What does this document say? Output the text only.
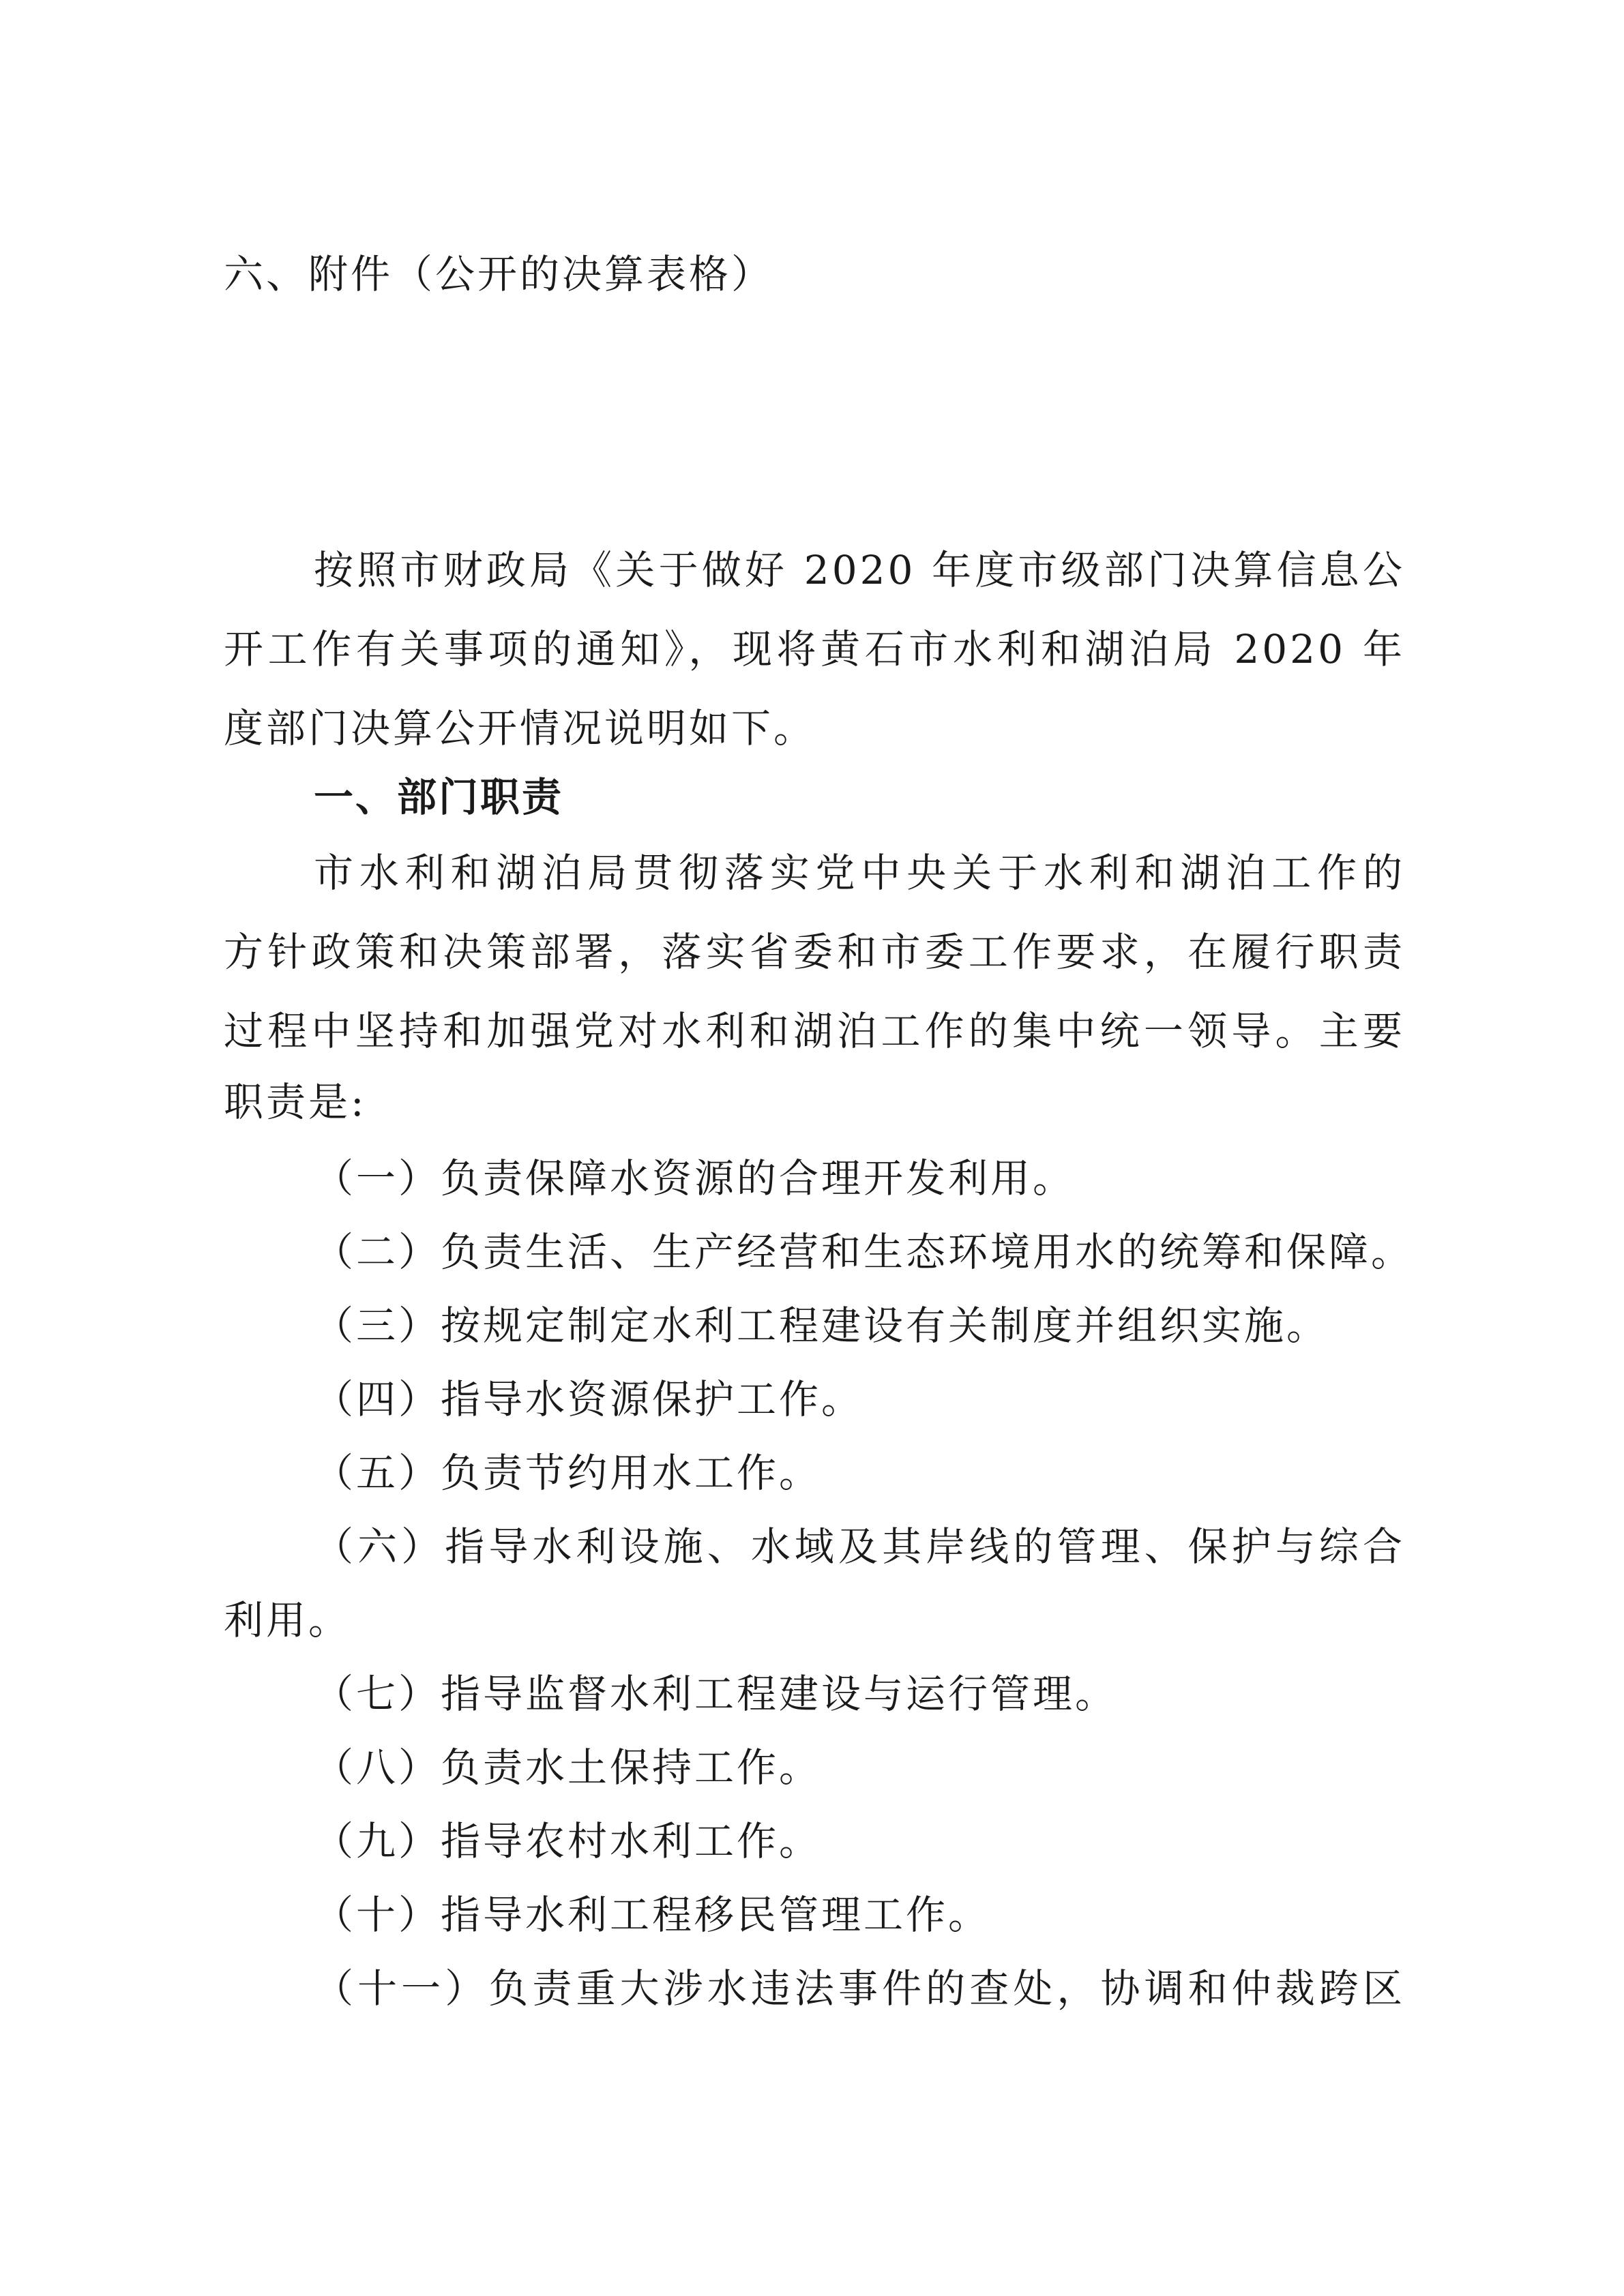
六、附件（公开的决算表格）
按照市财政局《关于做好 2020 年度市级部门决算信息公
开工作有关事项的通知》，现将黄石市水利和湖泊局 2020 年
度部门决算公开情况说明如下。
一、部门职责
市水利和湖泊局贯彻落实党中央关于水利和湖泊工作的
方针政策和决策部署，落实省委和市委工作要求，在履行职责
过程中坚持和加强党对水利和湖泊工作的集中统一领导。主要
职责是:
（一）负责保障水资源的合理开发利用。
（二）负责生活、生产经营和生态环境用水的统筹和保障。
（三）按规定制定水利工程建设有关制度并组织实施。
（四）指导水资源保护工作。
（五）负责节约用水工作。
（六）指导水利设施、水域及其岸线的管理、保护与综合
利用。
（七）指导监督水利工程建设与运行管理。
（八）负责水土保持工作。
（九）指导农村水利工作。
（十）指导水利工程移民管理工作。
（十一）负责重大涉水违法事件的查处，协调和仲裁跨区
